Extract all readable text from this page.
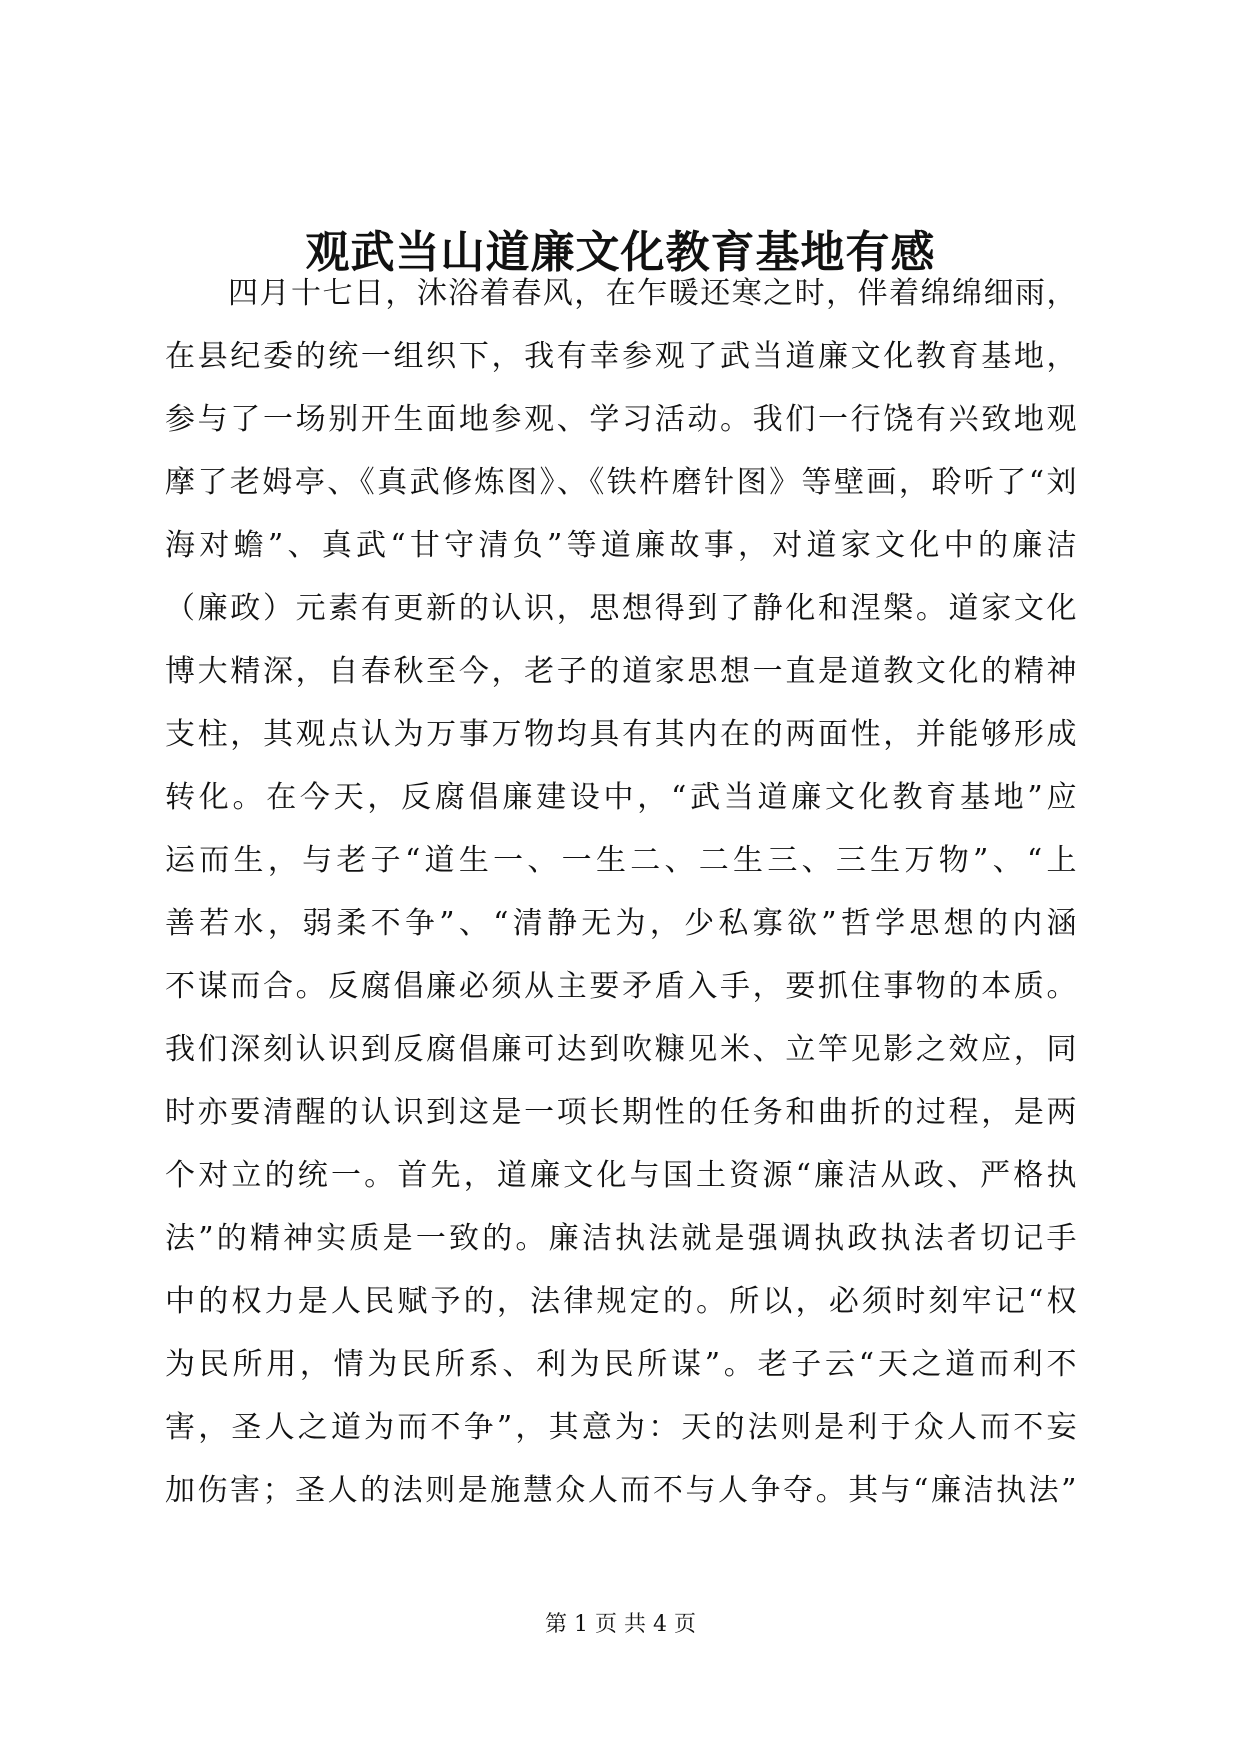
观武当山道廉文化教育基地有感
四月十七日，沐浴着春风，在乍暖还寒之时，伴着绵绵细雨，
在县纪委的统一组织下，我有幸参观了武当道廉文化教育基地，
参与了一场别开生面地参观、学习活动。我们一行饶有兴致地观
摩了老姆亭、《真武修炼图》、《铁杵磨针图》等壁画，聆听了“刘
海对蟾”、真武“甘守清负”等道廉故事，对道家文化中的廉洁
（廉政）元素有更新的认识，思想得到了静化和涅槃。道家文化
博大精深，自春秋至今，老子的道家思想一直是道教文化的精神
支柱，其观点认为万事万物均具有其内在的两面性，并能够形成
转化。在今天，反腐倡廉建设中，“武当道廉文化教育基地”应
运而生，与老子“道生一、一生二、二生三、三生万物”、“上
善若水，弱柔不争”、“清静无为，少私寡欲”哲学思想的内涵
不谋而合。反腐倡廉必须从主要矛盾入手，要抓住事物的本质。
我们深刻认识到反腐倡廉可达到吹糠见米、立竿见影之效应，同
时亦要清醒的认识到这是一项长期性的任务和曲折的过程，是两
个对立的统一。首先，道廉文化与国土资源“廉洁从政、严格执
法”的精神实质是一致的。廉洁执法就是强调执政执法者切记手
中的权力是人民赋予的，法律规定的。所以，必须时刻牢记“权
为民所用，情为民所系、利为民所谋”。老子云“天之道而利不
害，圣人之道为而不争”，其意为：天的法则是利于众人而不妄
加伤害；圣人的法则是施慧众人而不与人争夺。其与“廉洁执法”
第 1 页 共 4 页
